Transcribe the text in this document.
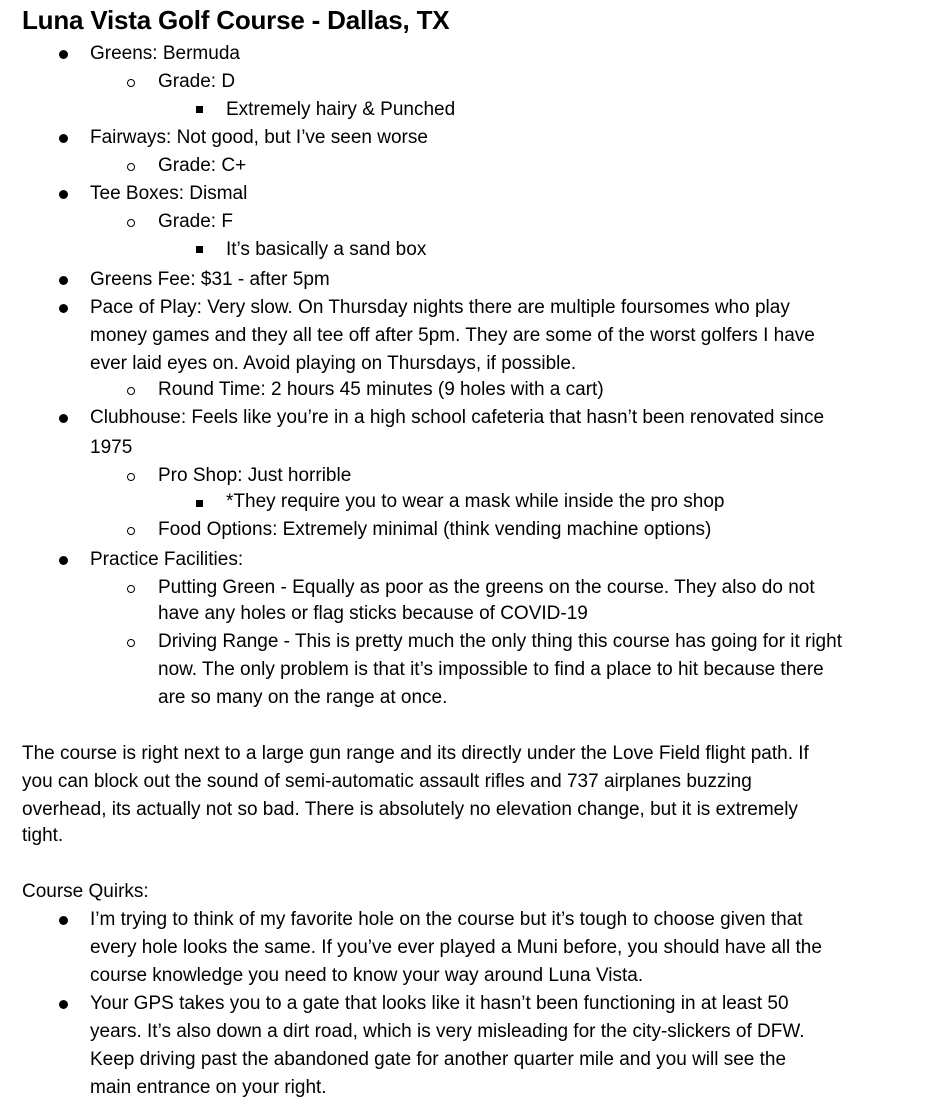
Luna Vista Golf Course - Dallas, TX
Greens: Bermuda
Grade: D
Extremely hairy & Punched
Fairways: Not good, but I’ve seen worse
Grade: C+
Tee Boxes: Dismal
Grade: F
It’s basically a sand box
Greens Fee: $31 - after 5pm
Pace of Play: Very slow. On Thursday nights there are multiple foursomes who play
money games and they all tee off after 5pm. They are some of the worst golfers I have
ever laid eyes on. Avoid playing on Thursdays, if possible.
Round Time: 2 hours 45 minutes (9 holes with a cart)
Clubhouse: Feels like you’re in a high school cafeteria that hasn’t been renovated since
1975
Pro Shop: Just horrible
*They require you to wear a mask while inside the pro shop
Food Options: Extremely minimal (think vending machine options)
Practice Facilities:
Putting Green - Equally as poor as the greens on the course. They also do not
have any holes or flag sticks because of COVID-19
Driving Range - This is pretty much the only thing this course has going for it right
now. The only problem is that it’s impossible to find a place to hit because there
are so many on the range at once.
The course is right next to a large gun range and its directly under the Love Field flight path. If
you can block out the sound of semi-automatic assault rifles and 737 airplanes buzzing
overhead, its actually not so bad. There is absolutely no elevation change, but it is extremely
tight.
Course Quirks:
I’m trying to think of my favorite hole on the course but it’s tough to choose given that
every hole looks the same. If you’ve ever played a Muni before, you should have all the
course knowledge you need to know your way around Luna Vista.
Your GPS takes you to a gate that looks like it hasn’t been functioning in at least 50
years. It’s also down a dirt road, which is very misleading for the city-slickers of DFW.
Keep driving past the abandoned gate for another quarter mile and you will see the
main entrance on your right.
